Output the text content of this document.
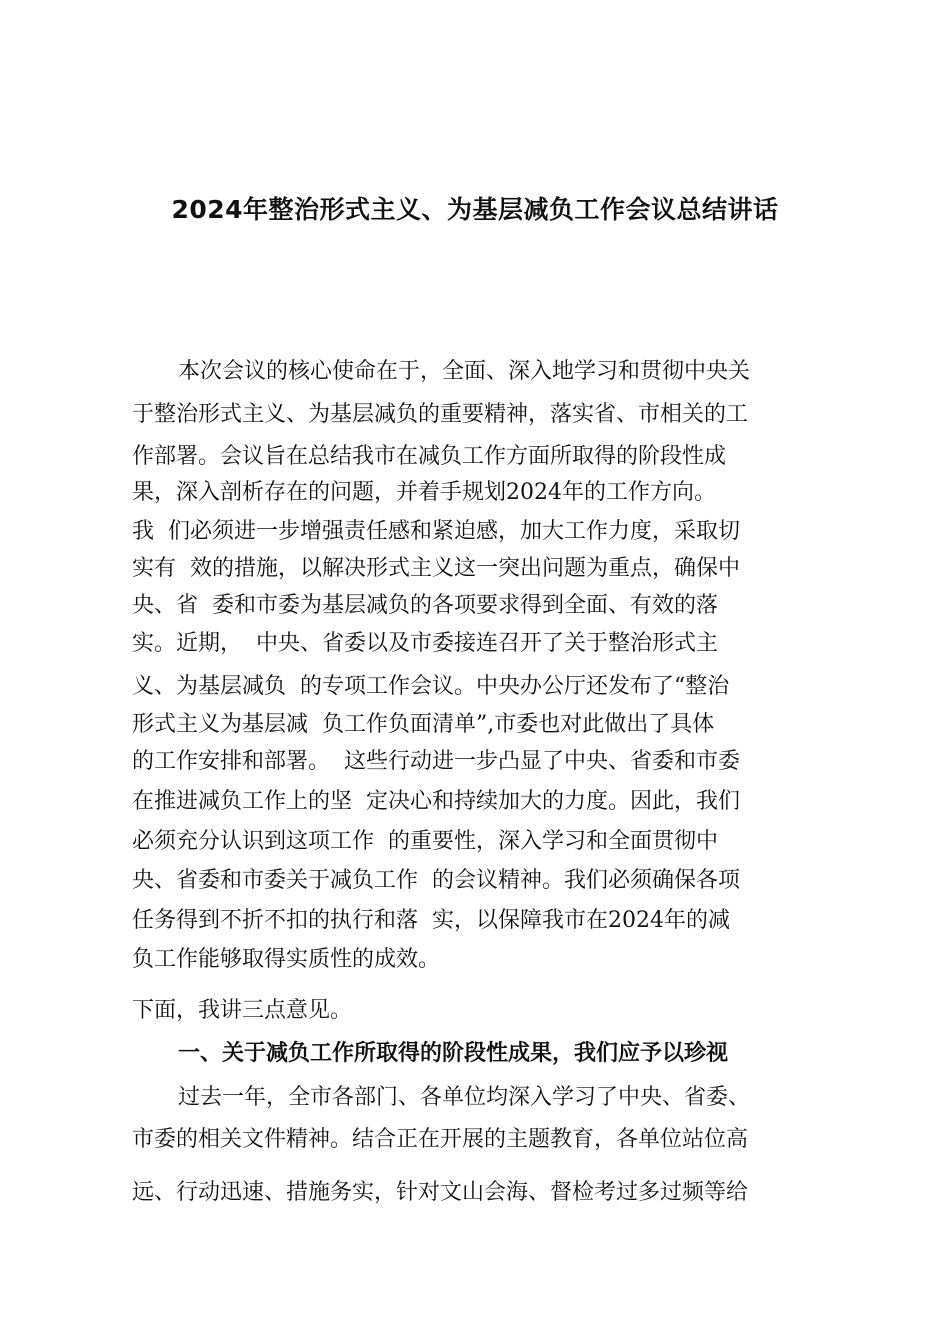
2024年整治形式主义、为基层减负工作会议总结讲话
本次会议的核心使命在于，全面、深入地学习和贯彻中央关
于整治形式主义、为基层减负的重要精神，落实省、市相关的工
作部署。会议旨在总结我市在减负工作方面所取得的阶段性成
果，深入剖析存在的问题，并着手规划2024年的工作方向。
我  们必须进一步增强责任感和紧迫感，加大工作力度，采取切
实有  效的措施，以解决形式主义这一突出问题为重点，确保中
央、省  委和市委为基层减负的各项要求得到全面、有效的落
实。近期，  中央、省委以及市委接连召开了关于整治形式主
义、为基层减负  的专项工作会议。中央办公厅还发布了“整治
形式主义为基层减  负工作负面清单”,市委也对此做出了具体
的工作安排和部署。  这些行动进一步凸显了中央、省委和市委
在推进减负工作上的坚  定决心和持续加大的力度。因此，我们
必须充分认识到这项工作  的重要性，深入学习和全面贯彻中
央、省委和市委关于减负工作  的会议精神。我们必须确保各项
任务得到不折不扣的执行和落  实，以保障我市在2024年的减
负工作能够取得实质性的成效。
下面，我讲三点意见。
一、关于减负工作所取得的阶段性成果，我们应予以珍视
过去一年，全市各部门、各单位均深入学习了中央、省委、
市委的相关文件精神。结合正在开展的主题教育，各单位站位高
远、行动迅速、措施务实，针对文山会海、督检考过多过频等给
